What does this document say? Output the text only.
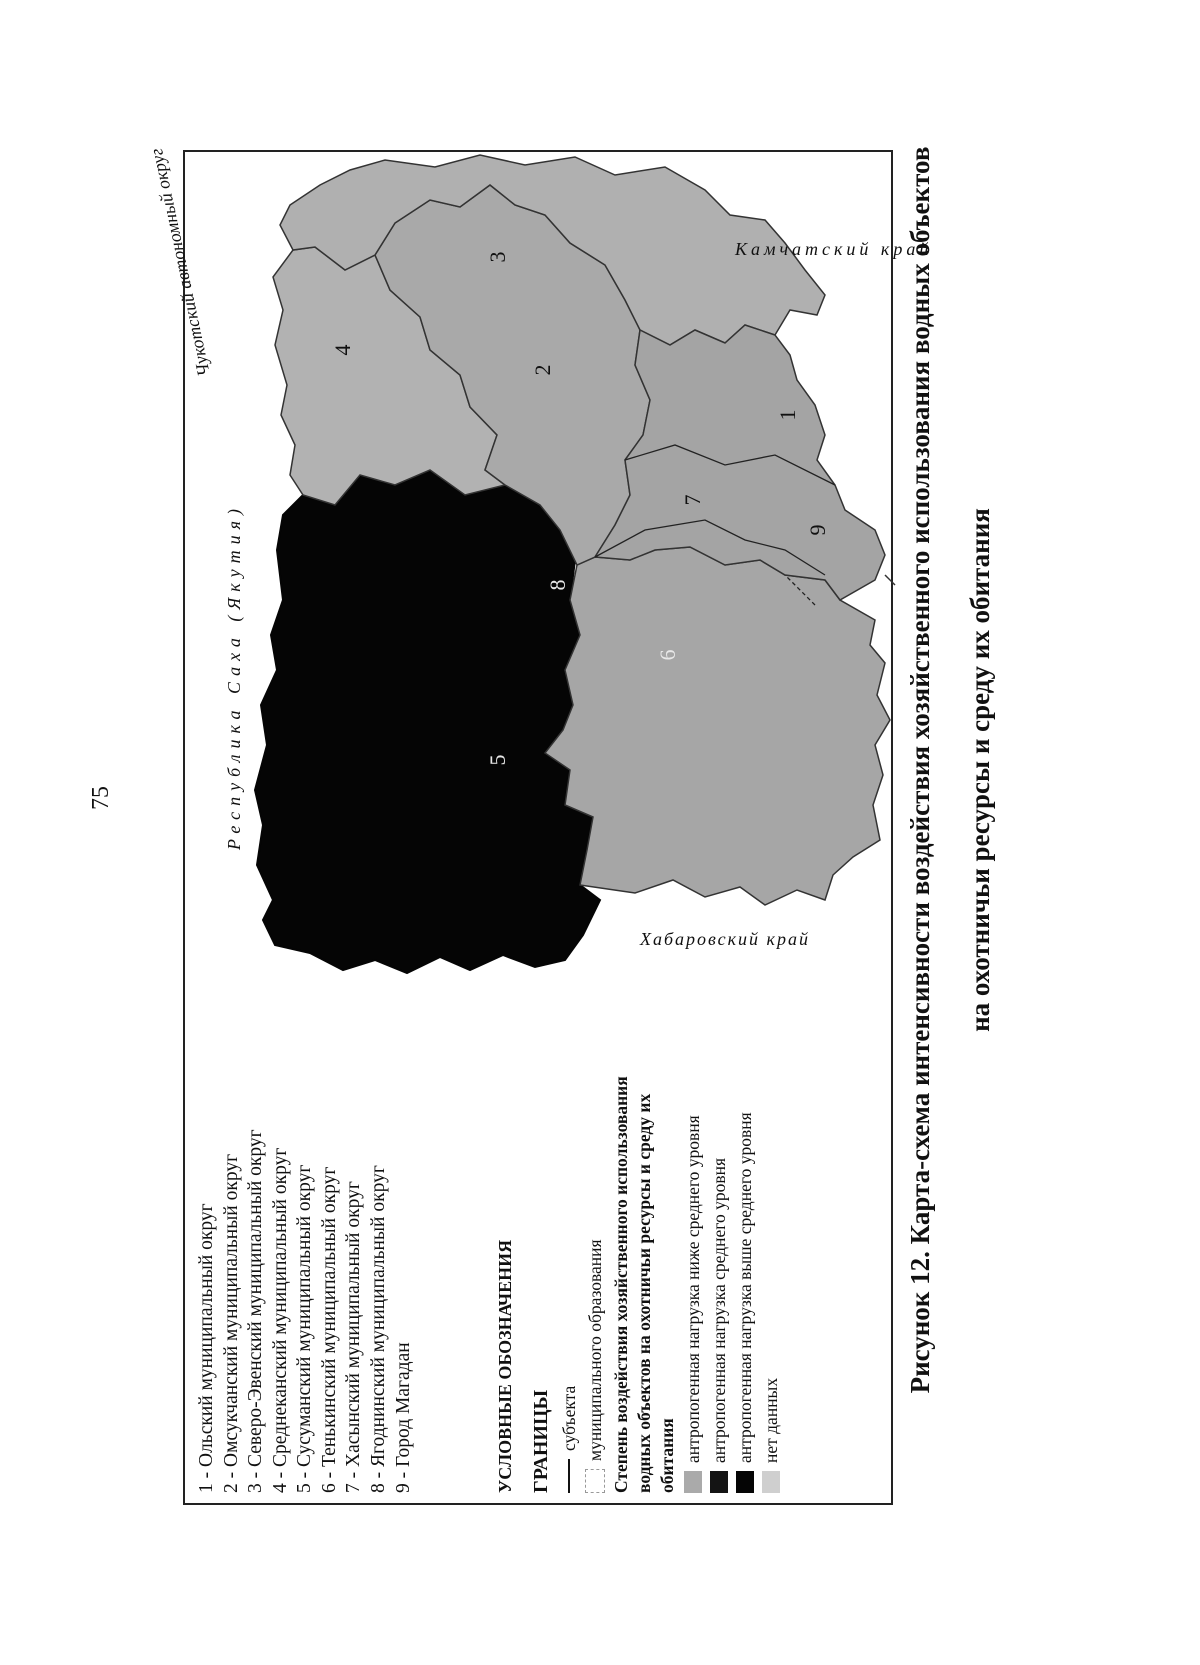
75
1 - Ольский муниципальный округ 2 - Омсукчанский муниципальный округ 3 - Северо-Эвенский муниципальный округ 4 - Среднеканский муниципальный округ 5 - Сусуманский муниципальный округ 6 - Тенькинский муниципальный округ 7 - Хасынский муниципальный округ 8 - Ягоднинский муниципальный округ 9 - Город Магадан	УСЛОВНЫЕ ОБОЗНАЧЕНИЯ ГРАНИЦЫ субъекта муниципального образования Степень воздействия хозяйственного использования водных объектов на охотничьи ресурсы и среду их обитания антропогенная нагрузка ниже среднего уровня антропогенная нагрузка среднего уровня антропогенная нагрузка выше среднего уровня нет данных
1
2
3
4
5
6
7
8
9
Республика Саха (Якутия)
Хабаровский край
Чукотский автономный округ	Камчатский край
Рисунок 12. Карта-схема интенсивности воздействия хозяйственного использования водных объектов на охотничьи ресурсы и среду их обитания
